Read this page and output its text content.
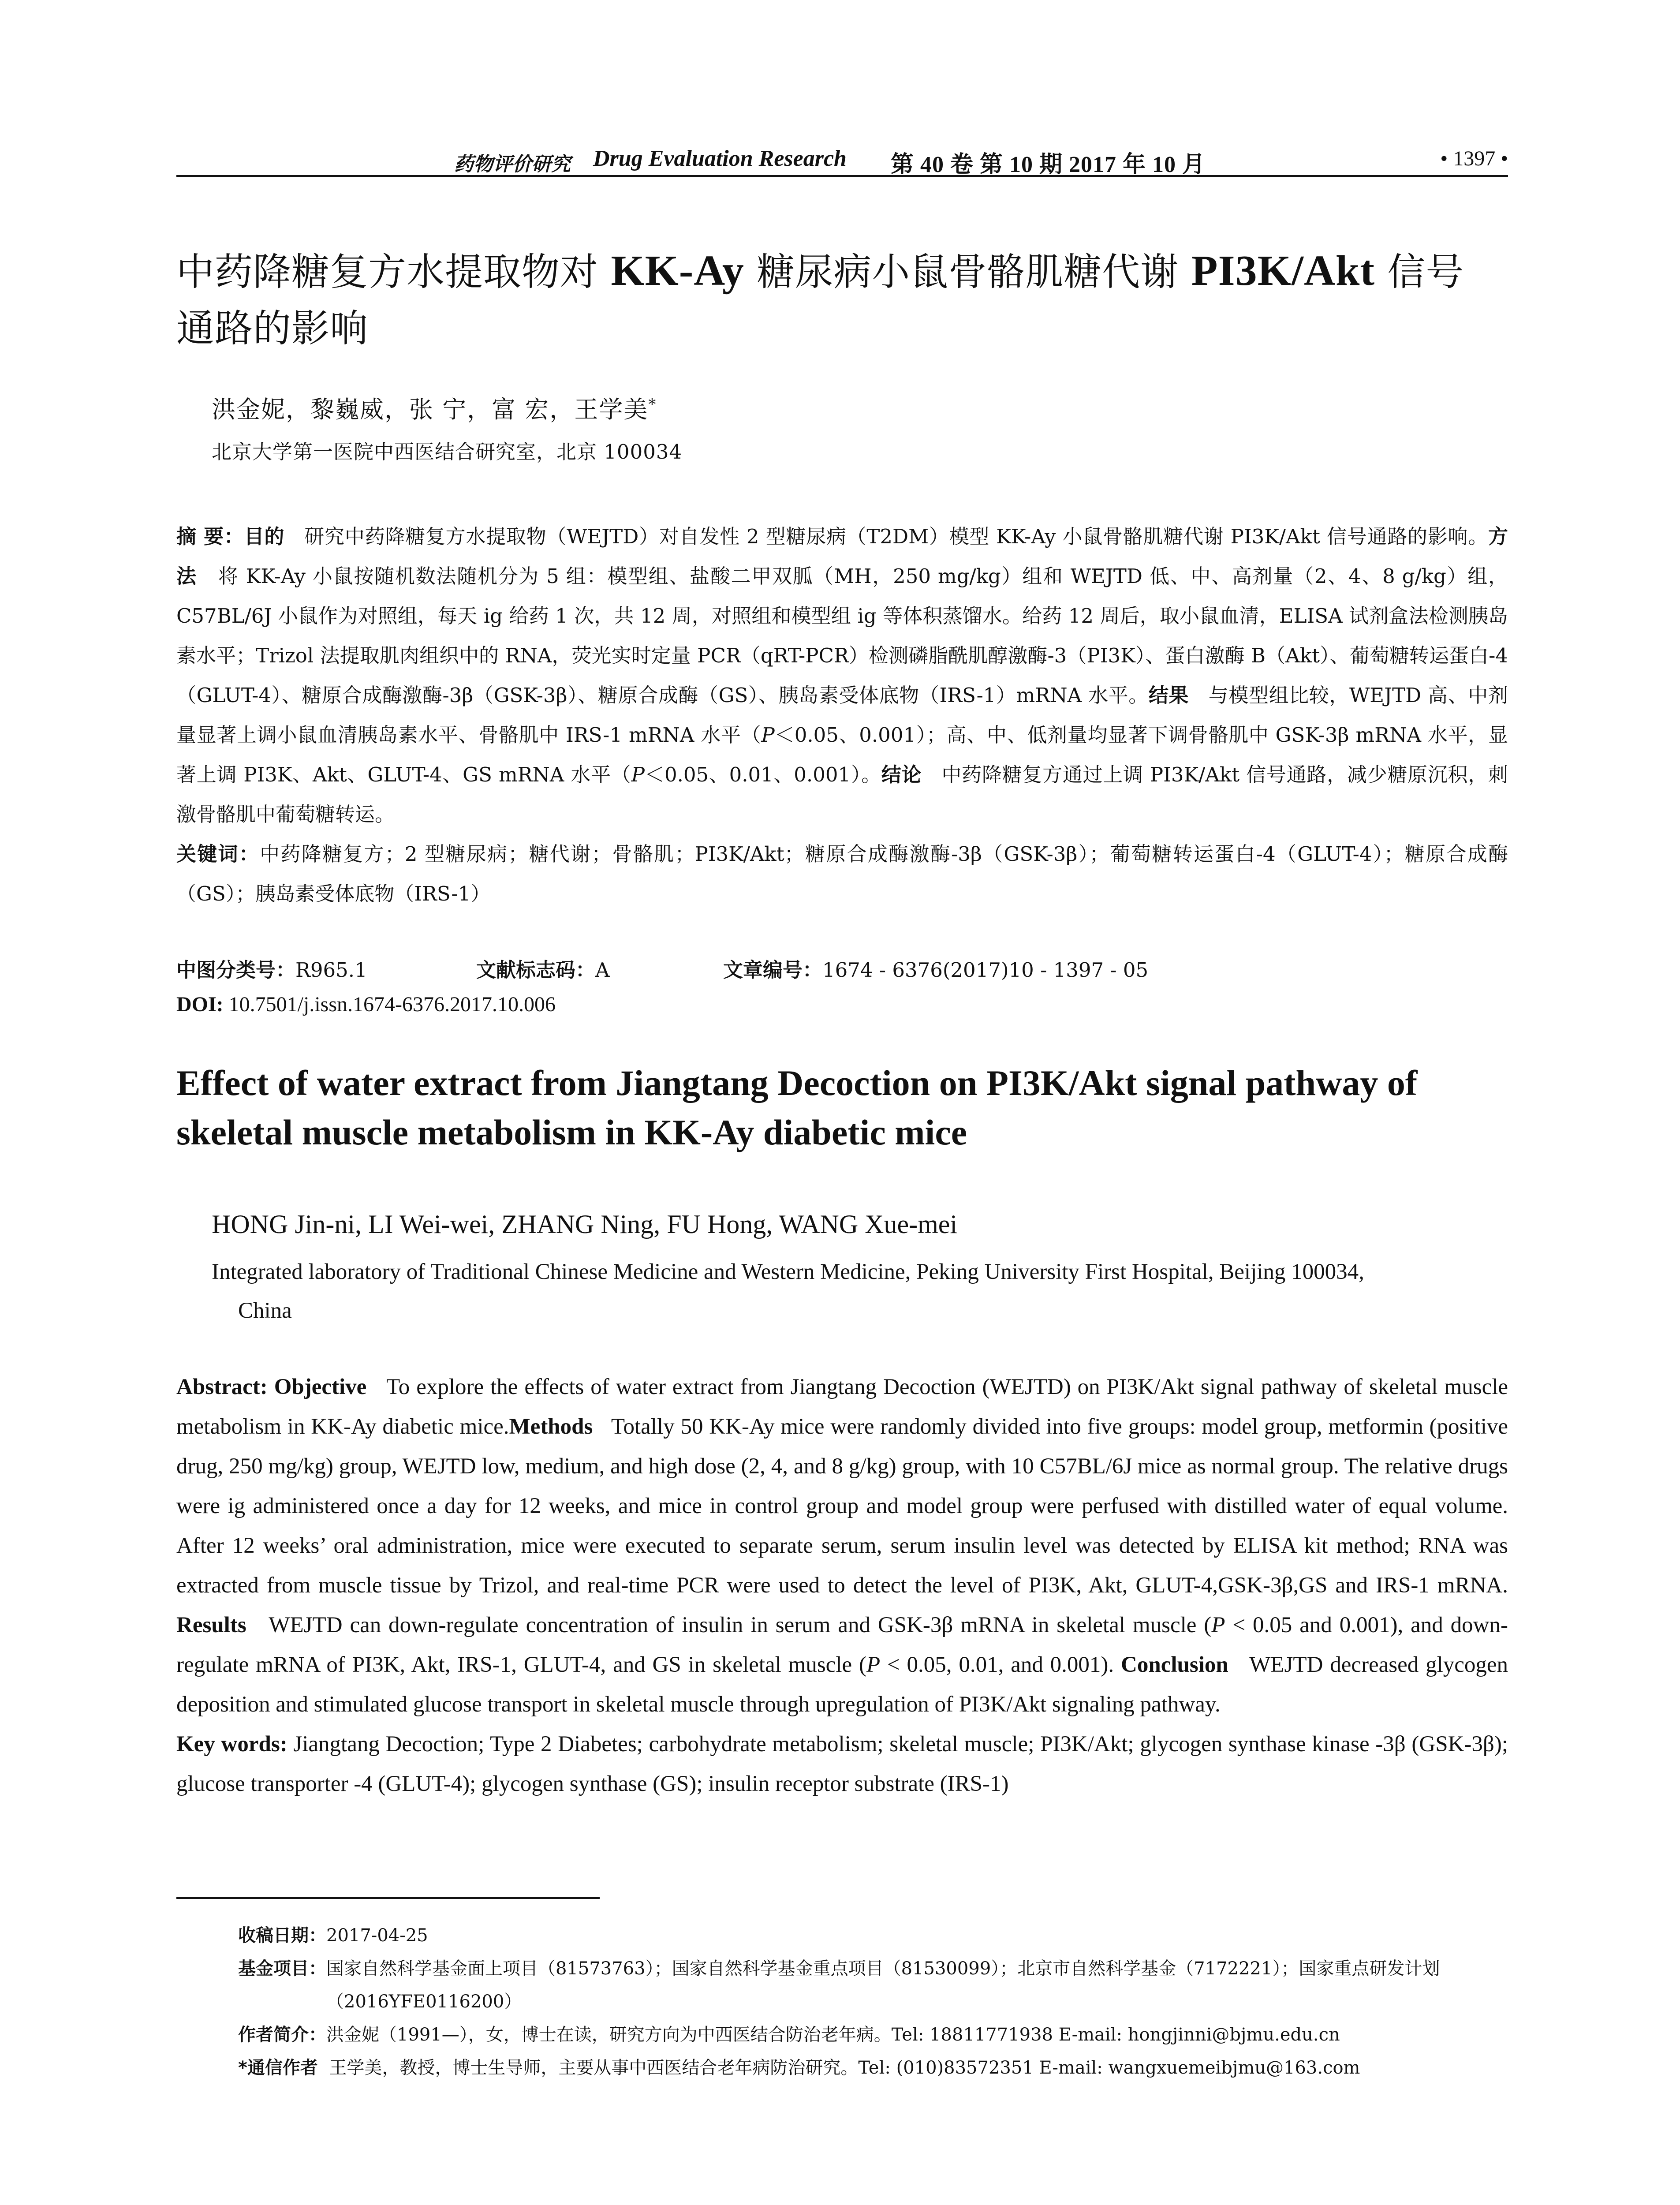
药物评价研究 Drug Evaluation Research 第 40 卷 第 10 期 2017 年 10 月	• 1397 •
中药降糖复方水提取物对 KK-Ay 糖尿病小鼠骨骼肌糖代谢 PI3K/Akt 信号
通路的影响
洪金妮，黎巍威，张 宁，富 宏，王学美*
北京大学第一医院中西医结合研究室，北京 100034

摘 要：目的 研究中药降糖复方水提取物（WEJTD）对自发性 2 型糖尿病（T2DM）模型 KK-Ay 小鼠骨骼肌糖代谢 PI3K/Akt 信号通路的影响。方法 将 KK-Ay 小鼠按随机数法随机分为 5 组：模型组、盐酸二甲双胍（MH，250 mg/kg）组和 WEJTD 低、中、高剂量（2、4、8 g/kg）组，C57BL/6J 小鼠作为对照组，每天 ig 给药 1 次，共 12 周，对照组和模型组 ig 等体积蒸馏水。给药 12 周后，取小鼠血清，ELISA 试剂盒法检测胰岛素水平；Trizol 法提取肌肉组织中的 RNA，荧光实时定量 PCR（qRT-PCR）检测磷脂酰肌醇激酶-3（PI3K）、蛋白激酶 B（Akt）、葡萄糖转运蛋白-4（GLUT-4）、糖原合成酶激酶-3β（GSK-3β）、糖原合成酶（GS）、胰岛素受体底物（IRS-1）mRNA 水平。结果 与模型组比较，WEJTD 高、中剂量显著上调小鼠血清胰岛素水平、骨骼肌中 IRS-1 mRNA 水平（P＜0.05、0.001）；高、中、低剂量均显著下调骨骼肌中 GSK-3β mRNA 水平，显著上调 PI3K、Akt、GLUT-4、GS mRNA 水平（P＜0.05、0.01、0.001）。结论 中药降糖复方通过上调 PI3K/Akt 信号通路，减少糖原沉积，刺激骨骼肌中葡萄糖转运。

关键词：中药降糖复方；2 型糖尿病；糖代谢；骨骼肌；PI3K/Akt；糖原合成酶激酶-3β（GSK-3β）；葡萄糖转运蛋白-4（GLUT-4）；糖原合成酶（GS）；胰岛素受体底物（IRS-1）

中图分类号：R965.1	文献标志码：A	文章编号：1674 - 6376(2017)10 - 1397 - 05
DOI: 10.7501/j.issn.1674-6376.2017.10.006
Effect of water extract from Jiangtang Decoction on PI3K/Akt signal pathway of
skeletal muscle metabolism in KK-Ay diabetic mice
HONG Jin-ni, LI Wei-wei, ZHANG Ning, FU Hong, WANG Xue-mei
Integrated laboratory of Traditional Chinese Medicine and Western Medicine, Peking University First Hospital, Beijing 100034,
China

Abstract: Objective To explore the effects of water extract from Jiangtang Decoction (WEJTD) on PI3K/Akt signal pathway of skeletal muscle metabolism in KK-Ay diabetic mice.Methods Totally 50 KK-Ay mice were randomly divided into five groups: model group, metformin (positive drug, 250 mg/kg) group, WEJTD low, medium, and high dose (2, 4, and 8 g/kg) group, with 10 C57BL/6J mice as normal group. The relative drugs were ig administered once a day for 12 weeks, and mice in control group and model group were perfused with distilled water of equal volume. After 12 weeks’ oral administration, mice were executed to separate serum, serum insulin level was detected by ELISA kit method; RNA was extracted from muscle tissue by Trizol, and real-time PCR were used to detect the level of PI3K, Akt, GLUT-4,GSK-3β,GS and IRS-1 mRNA. Results WEJTD can down-regulate concentration of insulin in serum and GSK-3β mRNA in skeletal muscle (P < 0.05 and 0.001), and down-regulate mRNA of PI3K, Akt, IRS-1, GLUT-4, and GS in skeletal muscle (P < 0.05, 0.01, and 0.001). Conclusion WEJTD decreased glycogen deposition and stimulated glucose transport in skeletal muscle through upregulation of PI3K/Akt signaling pathway.

Key words: Jiangtang Decoction; Type 2 Diabetes; carbohydrate metabolism; skeletal muscle; PI3K/Akt; glycogen synthase kinase -3β (GSK-3β); glucose transporter -4 (GLUT-4); glycogen synthase (GS); insulin receptor substrate (IRS-1)

收稿日期： 2017-04-25
基金项目： 国家自然科学基金面上项目（81573763）；国家自然科学基金重点项目（81530099）；北京市自然科学基金（7172221）；国家重点研发计划（2016YFE0116200）
作者简介： 洪金妮（1991—），女，博士在读，研究方向为中西医结合防治老年病。Tel: 18811771938 E-mail: hongjinni@bjmu.edu.cn
*通信作者
王学美，教授，博士生导师，主要从事中西医结合老年病防治研究。Tel: (010)83572351 E-mail: wangxuemeibjmu@163.com
